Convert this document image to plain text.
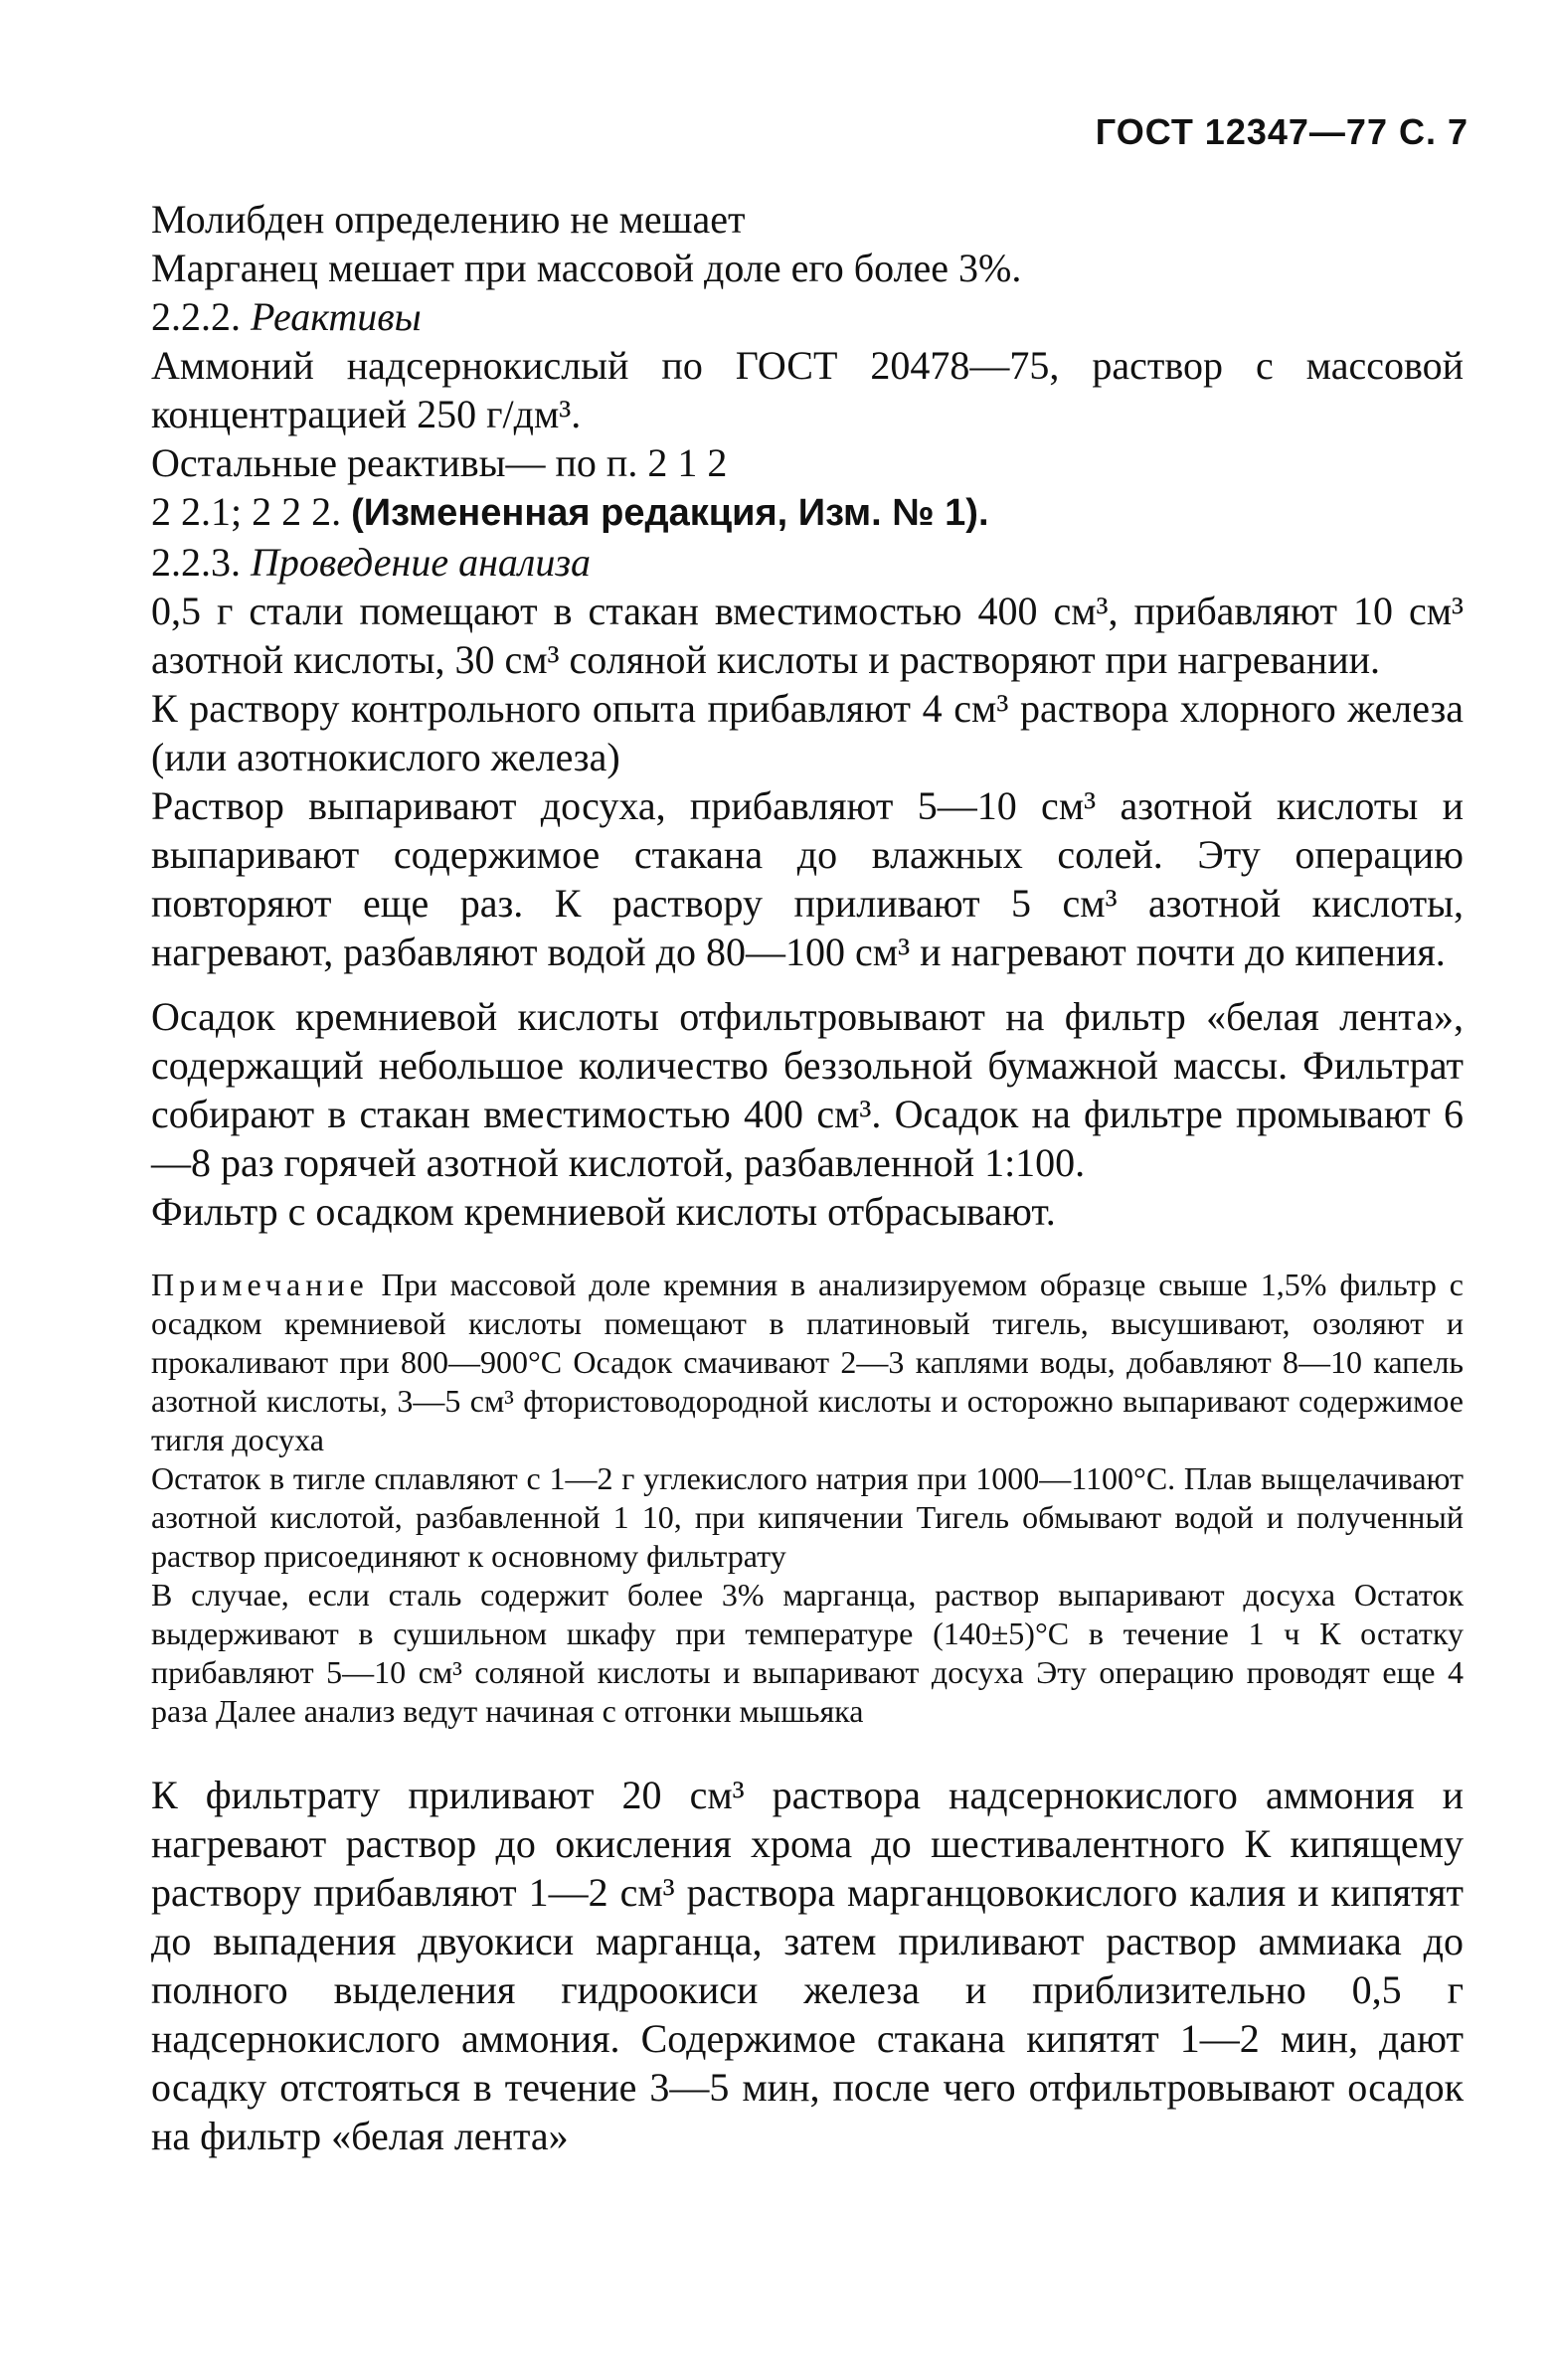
ГОСТ 12347—77 С. 7

Молибден определению не мешает

Марганец мешает при массовой доле его более 3%.

2.2.2. Реактивы

Аммоний надсернокислый по ГОСТ 20478—75, раствор с массовой концентрацией 250 г/дм³.

Остальные реактивы— по п. 2 1 2

2 2.1; 2 2 2. (Измененная редакция, Изм. № 1).

2.2.3. Проведение анализа

0,5 г стали помещают в стакан вместимостью 400 см³, прибавляют 10 см³ азотной кислоты, 30 см³ соляной кислоты и растворяют при нагревании.

К раствору контрольного опыта прибавляют 4 см³ раствора хлорного железа (или азотнокислого железа)

Раствор выпаривают досуха, прибавляют 5—10 см³ азотной кислоты и выпаривают содержимое стакана до влажных солей. Эту операцию повторяют еще раз. К раствору приливают 5 см³ азотной кислоты, нагревают, разбавляют водой до 80—100 см³ и нагревают почти до кипения.

Осадок кремниевой кислоты отфильтровывают на фильтр «белая лента», содержащий небольшое количество беззольной бумажной массы. Фильтрат собирают в стакан вместимостью 400 см³. Осадок на фильтре промывают 6—8 раз горячей азотной кислотой, разбавленной 1:100.

Фильтр с осадком кремниевой кислоты отбрасывают.

Примечание При массовой доле кремния в анализируемом образце свыше 1,5% фильтр с осадком кремниевой кислоты помещают в платиновый тигель, высушивают, озоляют и прокаливают при 800—900°С Осадок смачивают 2—3 каплями воды, добавляют 8—10 капель азотной кислоты, 3—5 см³ фтористоводородной кислоты и осторожно выпаривают содержимое тигля досуха

Остаток в тигле сплавляют с 1—2 г углекислого натрия при 1000—1100°С. Плав выщелачивают азотной кислотой, разбавленной 1 10, при кипячении Тигель обмывают водой и полученный раствор присоединяют к основному фильтрату

В случае, если сталь содержит более 3% марганца, раствор выпаривают досуха Остаток выдерживают в сушильном шкафу при температуре (140±5)°С в течение 1 ч К остатку прибавляют 5—10 см³ соляной кислоты и выпаривают досуха Эту операцию проводят еще 4 раза Далее анализ ведут начиная с отгонки мышьяка

К фильтрату приливают 20 см³ раствора надсернокислого аммония и нагревают раствор до окисления хрома до шестивалентного К кипящему раствору прибавляют 1—2 см³ раствора марганцовокислого калия и кипятят до выпадения двуокиси марганца, затем приливают раствор аммиака до полного выделения гидроокиси железа и приблизительно 0,5 г надсернокислого аммония. Содержимое стакана кипятят 1—2 мин, дают осадку отстояться в течение 3—5 мин, после чего отфильтровывают осадок на фильтр «белая лента»
